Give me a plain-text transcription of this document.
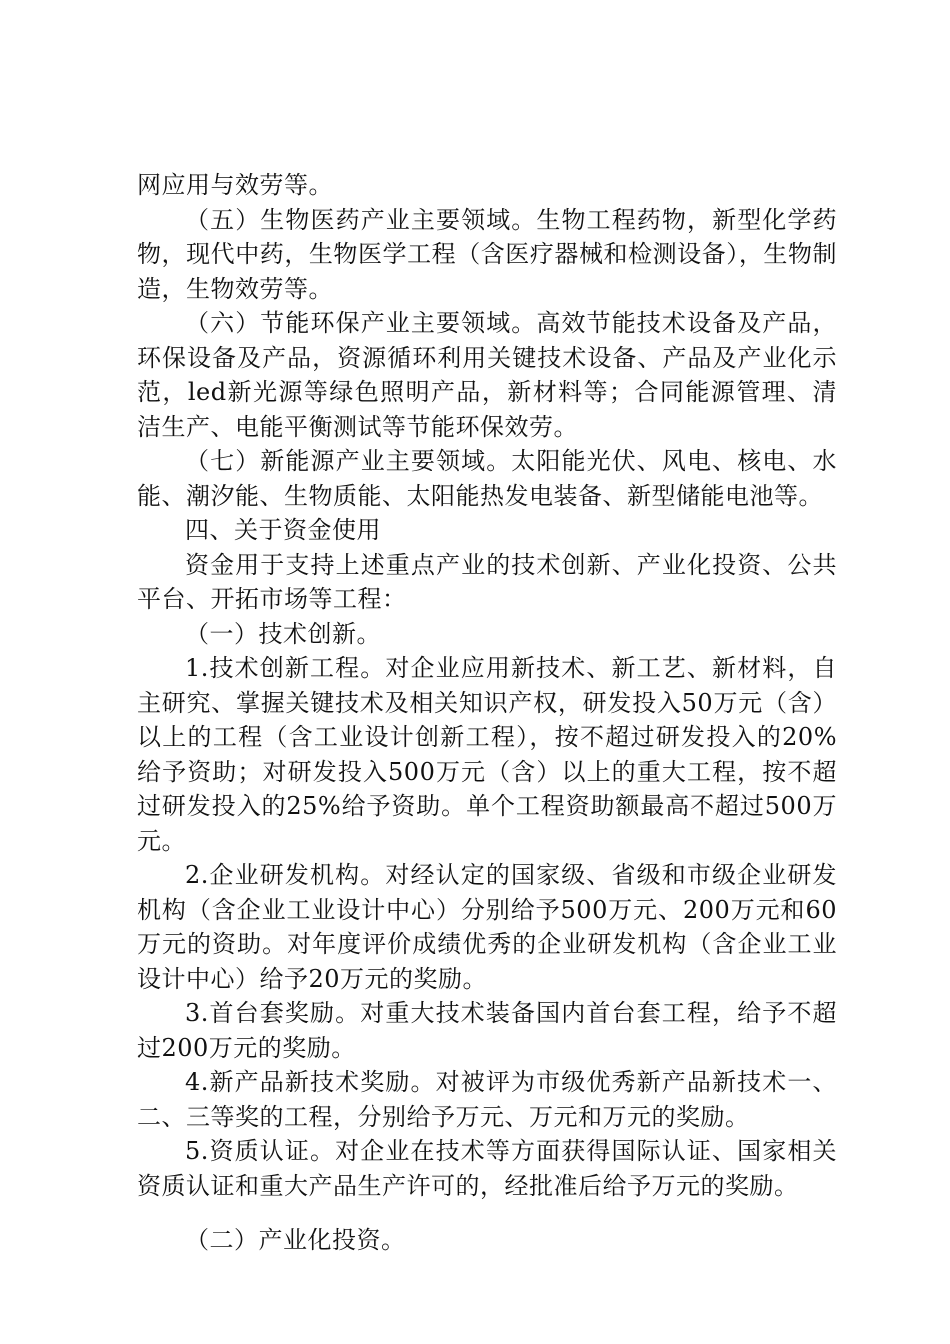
网应用与效劳等。

（五）生物医药产业主要领域。生物工程药物，新型化学药物，现代中药，生物医学工程（含医疗器械和检测设备），生物制造，生物效劳等。

（六）节能环保产业主要领域。高效节能技术设备及产品，环保设备及产品，资源循环利用关键技术设备、产品及产业化示范，led新光源等绿色照明产品，新材料等；合同能源管理、清洁生产、电能平衡测试等节能环保效劳。

（七）新能源产业主要领域。太阳能光伏、风电、核电、水能、潮汐能、生物质能、太阳能热发电装备、新型储能电池等。

四、关于资金使用

资金用于支持上述重点产业的技术创新、产业化投资、公共平台、开拓市场等工程：

（一）技术创新。

1.技术创新工程。对企业应用新技术、新工艺、新材料，自主研究、掌握关键技术及相关知识产权，研发投入50万元（含）以上的工程（含工业设计创新工程），按不超过研发投入的20%给予资助；对研发投入500万元（含）以上的重大工程，按不超过研发投入的25%给予资助。单个工程资助额最高不超过500万元。

2.企业研发机构。对经认定的国家级、省级和市级企业研发机构（含企业工业设计中心）分别给予500万元、200万元和60万元的资助。对年度评价成绩优秀的企业研发机构（含企业工业设计中心）给予20万元的奖励。

3.首台套奖励。对重大技术装备国内首台套工程，给予不超过200万元的奖励。

4.新产品新技术奖励。对被评为市级优秀新产品新技术一、二、三等奖的工程，分别给予万元、万元和万元的奖励。

5.资质认证。对企业在技术等方面获得国际认证、国家相关资质认证和重大产品生产许可的，经批准后给予万元的奖励。

（二）产业化投资。
